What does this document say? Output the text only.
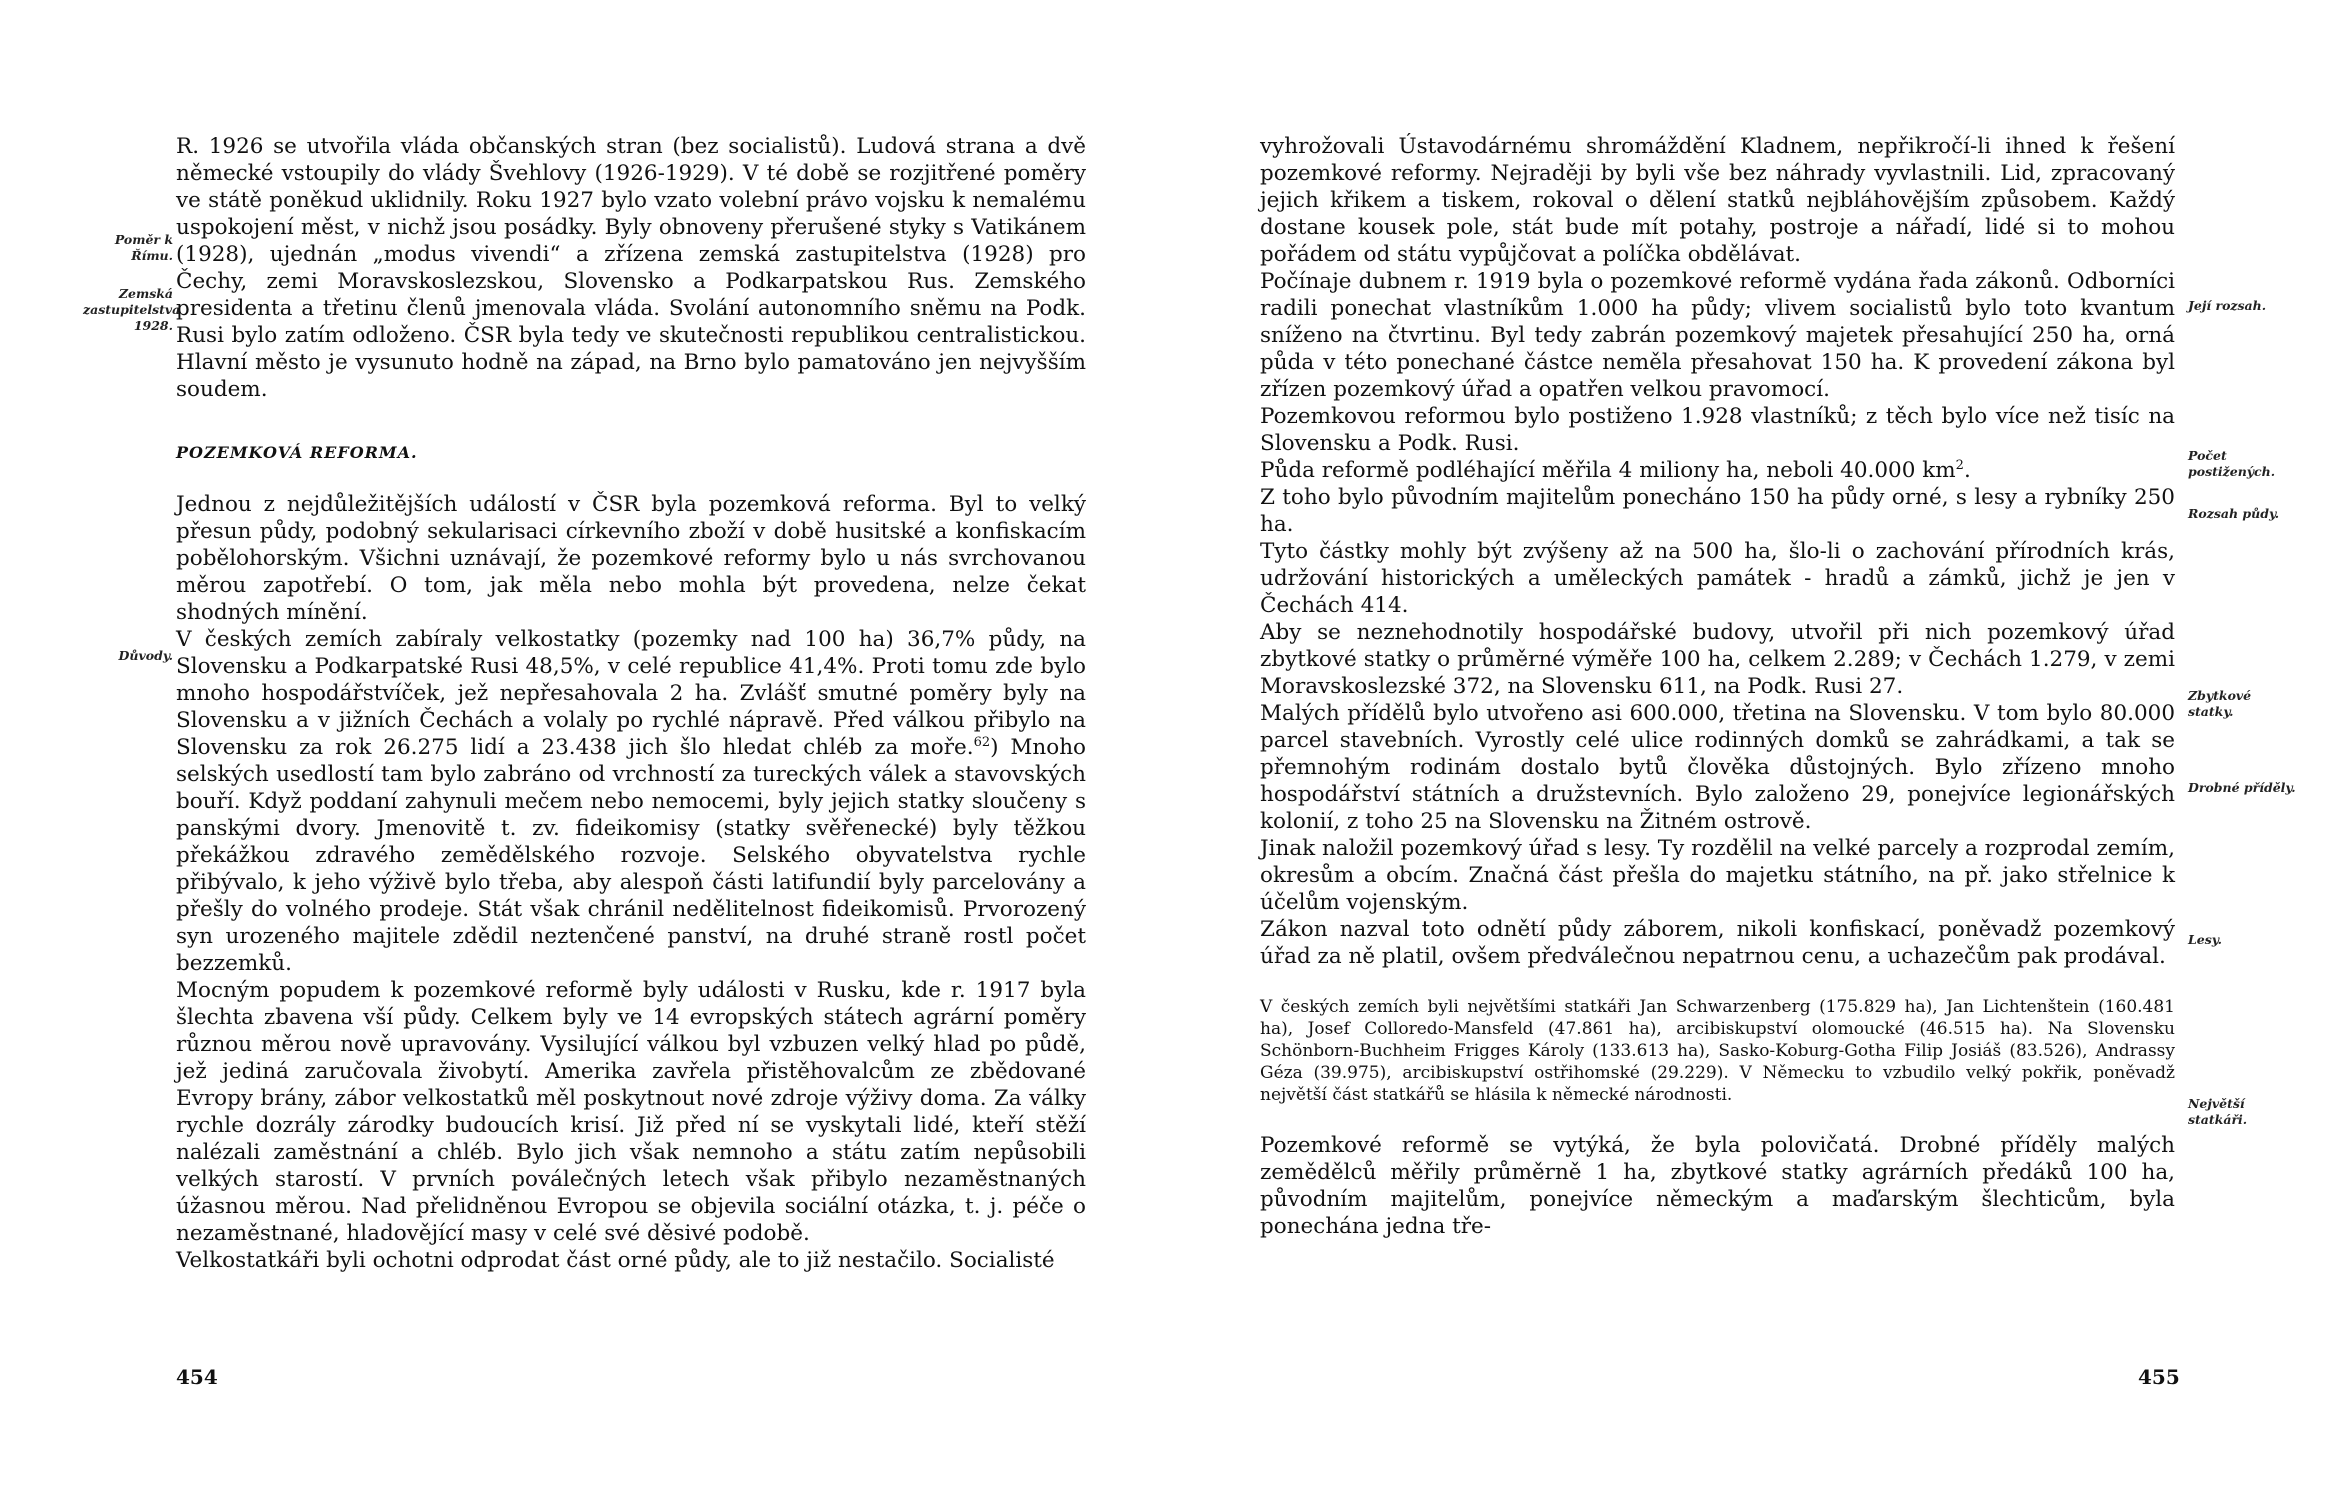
Poměr k Římu.
Zemská zastupitelstva 1928.
Důvody.

R. 1926 se utvořila vláda občanských stran (bez socialistů). Ludová strana a dvě německé vstoupily do vlády Švehlovy (1926-1929). V té době se rozjitřené poměry ve státě poněkud uklidnily. Roku 1927 bylo vzato volební právo vojsku k nemalému uspokojení měst, v nichž jsou posádky. Byly obnoveny přerušené styky s Vatikánem (1928), ujednán „modus vivendi“ a zřízena zemská zastupitelstva (1928) pro Čechy, zemi Moravskoslezskou, Slovensko a Podkarpatskou Rus. Zemského presidenta a třetinu členů jmenovala vláda. Svolání autonomního sněmu na Podk. Rusi bylo zatím odloženo. ČSR byla tedy ve skutečnosti republikou centralistickou. Hlavní město je vysunuto hodně na západ, na Brno bylo pamatováno jen nejvyšším soudem.

POZEMKOVÁ REFORMA.

Jednou z nejdůležitějších událostí v ČSR byla pozemková reforma. Byl to velký přesun půdy, podobný sekularisaci církevního zboží v době husitské a konfiskacím pobělohorským. Všichni uznávají, že pozemkové reformy bylo u nás svrchovanou měrou zapotřebí. O tom, jak měla nebo mohla být provedena, nelze čekat shodných mínění.

V českých zemích zabíraly velkostatky (pozemky nad 100 ha) 36,7% půdy, na Slovensku a Podkarpatské Rusi 48,5%, v celé republice 41,4%. Proti tomu zde bylo mnoho hospodářstvíček, jež nepřesahovala 2 ha. Zvlášť smutné poměry byly na Slovensku a v jižních Čechách a volaly po rychlé nápravě. Před válkou přibylo na Slovensku za rok 26.275 lidí a 23.438 jich šlo hledat chléb za moře.$^{62}$) Mnoho selských usedlostí tam bylo zabráno od vrchností za tureckých válek a stavovských bouří. Když poddaní zahynuli mečem nebo nemocemi, byly jejich statky sloučeny s panskými dvory. Jmenovitě t. zv. fideikomisy (statky svěřenecké) byly těžkou překážkou zdravého zemědělského rozvoje. Selského obyvatelstva rychle přibývalo, k jeho výživě bylo třeba, aby alespoň části latifundií byly parcelovány a přešly do volného prodeje. Stát však chránil nedělitelnost fideikomisů. Prvorozený syn urozeného majitele zdědil neztenčené panství, na druhé straně rostl počet bezzemků.

Mocným popudem k pozemkové reformě byly události v Rusku, kde r. 1917 byla šlechta zbavena vší půdy. Celkem byly ve 14 evropských státech agrární poměry různou měrou nově upravovány. Vysilující válkou byl vzbuzen velký hlad po půdě, jež jediná zaručovala živobytí. Amerika zavřela přistěhovalcům ze zbědované Evropy brány, zábor velkostatků měl poskytnout nové zdroje výživy doma. Za války rychle dozrály zárodky budoucích krisí. Již před ní se vyskytali lidé, kteří stěží nalézali zaměstnání a chléb. Bylo jich však nemnoho a státu zatím nepůsobili velkých starostí. V prvních poválečných letech však přibylo nezaměstnaných úžasnou měrou. Nad přelidněnou Evropou se objevila sociální otázka, t. j. péče o nezaměstnané, hladovějící masy v celé své děsivé podobě.

Velkostatkáři byli ochotni odprodat část orné půdy, ale to již nestačilo. Socialisté

454
Její rozsah.
Počet postižených.
Rozsah půdy.
Zbytkové statky.
Drobné příděly.
Lesy.
Největší statkáři.

vyhrožovali Ústavodárnému shromáždění Kladnem, nepřikročí-li ihned k řešení pozemkové reformy. Nejraději by byli vše bez náhrady vyvlastnili. Lid, zpracovaný jejich křikem a tiskem, rokoval o dělení statků nejbláhovějším způsobem. Každý dostane kousek pole, stát bude mít potahy, postroje a nářadí, lidé si to mohou pořádem od státu vypůjčovat a políčka obdělávat.

Počínaje dubnem r. 1919 byla o pozemkové reformě vydána řada zákonů. Odborníci radili ponechat vlastníkům 1.000 ha půdy; vlivem socialistů bylo toto kvantum sníženo na čtvrtinu. Byl tedy zabrán pozemkový majetek přesahující 250 ha, orná půda v této ponechané částce neměla přesahovat 150 ha. K provedení zákona byl zřízen pozemkový úřad a opatřen velkou pravomocí.

Pozemkovou reformou bylo postiženo 1.928 vlastníků; z těch bylo více než tisíc na Slovensku a Podk. Rusi.

Půda reformě podléhající měřila 4 miliony ha, neboli 40.000 $km^2$.

Z toho bylo původním majitelům ponecháno 150 ha půdy orné, s lesy a rybníky 250 ha.

Tyto částky mohly být zvýšeny až na 500 ha, šlo-li o zachování přírodních krás, udržování historických a uměleckých památek - hradů a zámků, jichž je jen v Čechách 414.

Aby se neznehodnotily hospodářské budovy, utvořil při nich pozemkový úřad zbytkové statky o průměrné výměře 100 ha, celkem 2.289; v Čechách 1.279, v zemi Moravskoslezské 372, na Slovensku 611, na Podk. Rusi 27.

Malých přídělů bylo utvořeno asi 600.000, třetina na Slovensku. V tom bylo 80.000 parcel stavebních. Vyrostly celé ulice rodinných domků se zahrádkami, a tak se přemnohým rodinám dostalo bytů člověka důstojných. Bylo zřízeno mnoho hospodářství státních a družstevních. Bylo založeno 29, ponejvíce legionářských kolonií, z toho 25 na Slovensku na Žitném ostrově.

Jinak naložil pozemkový úřad s lesy. Ty rozdělil na velké parcely a rozprodal zemím, okresům a obcím. Značná část přešla do majetku státního, na př. jako střelnice k účelům vojenským.

Zákon nazval toto odnětí půdy záborem, nikoli konfiskací, poněvadž pozemkový úřad za ně platil, ovšem předválečnou nepatrnou cenu, a uchazečům pak prodával.

V českých zemích byli největšími statkáři Jan Schwarzenberg (175.829 ha), Jan Lichtenštein (160.481 ha), Josef Colloredo-Mansfeld (47.861 ha), arcibiskupství olomoucké (46.515 ha). Na Slovensku Schönborn-Buchheim Frigges Károly (133.613 ha), Sasko-Koburg-Gotha Filip Josiáš (83.526), Andrassy Géza (39.975), arcibiskupství ostřihomské (29.229). V Německu to vzbudilo velký pokřik, poněvadž největší část statkářů se hlásila k německé národnosti.

Pozemkové reformě se vytýká, že byla polovičatá. Drobné příděly malých zemědělců měřily průměrně 1 ha, zbytkové statky agrárních předáků 100 ha, původním majitelům, ponejvíce německým a maďarským šlechticům, byla ponechána jedna tře-

455
